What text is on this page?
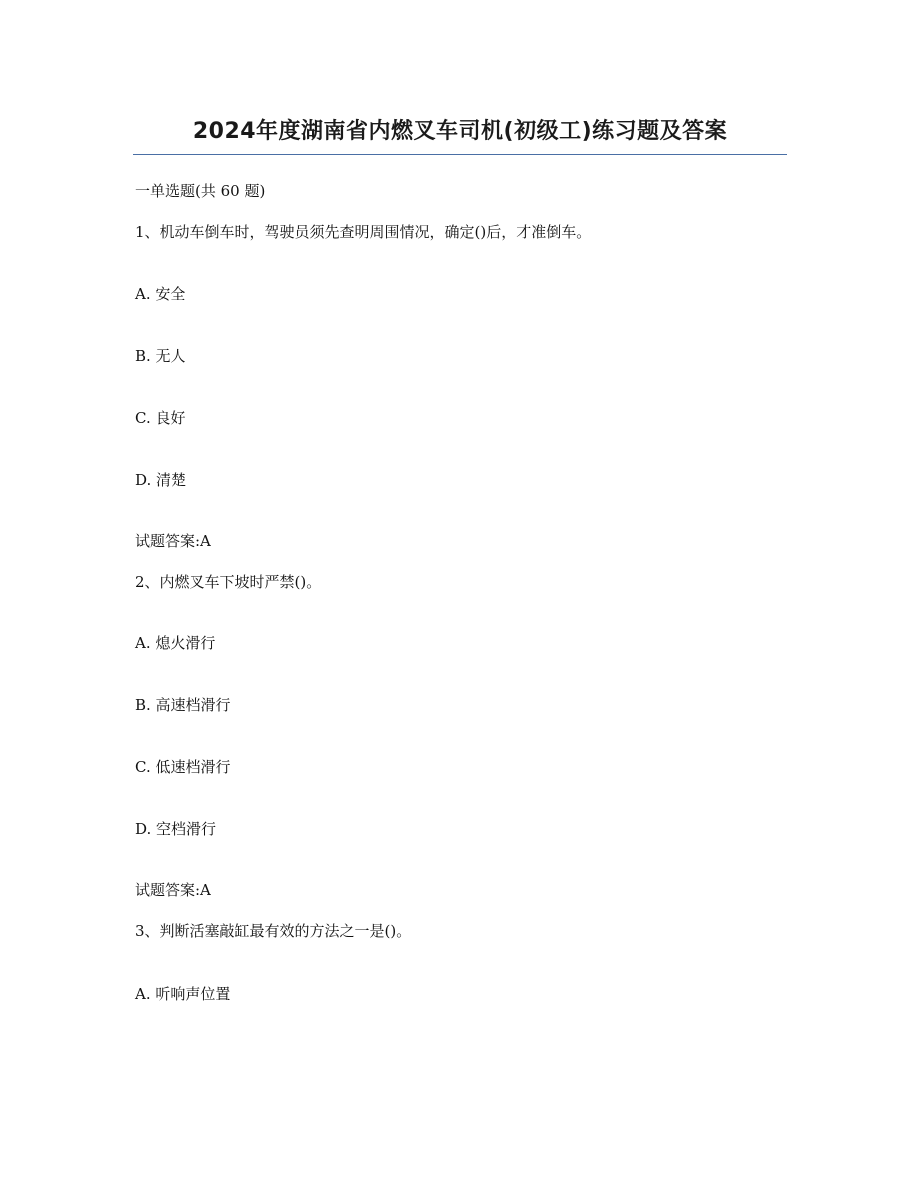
2024年度湖南省内燃叉车司机(初级工)练习题及答案
一单选题(共 60 题)
1、机动车倒车时，驾驶员须先查明周围情况，确定()后，才准倒车。
A. 安全
B. 无人
C. 良好
D. 清楚
试题答案:A
2、内燃叉车下坡时严禁()。
A. 熄火滑行
B. 高速档滑行
C. 低速档滑行
D. 空档滑行
试题答案:A
3、判断活塞敲缸最有效的方法之一是()。
A. 听响声位置
